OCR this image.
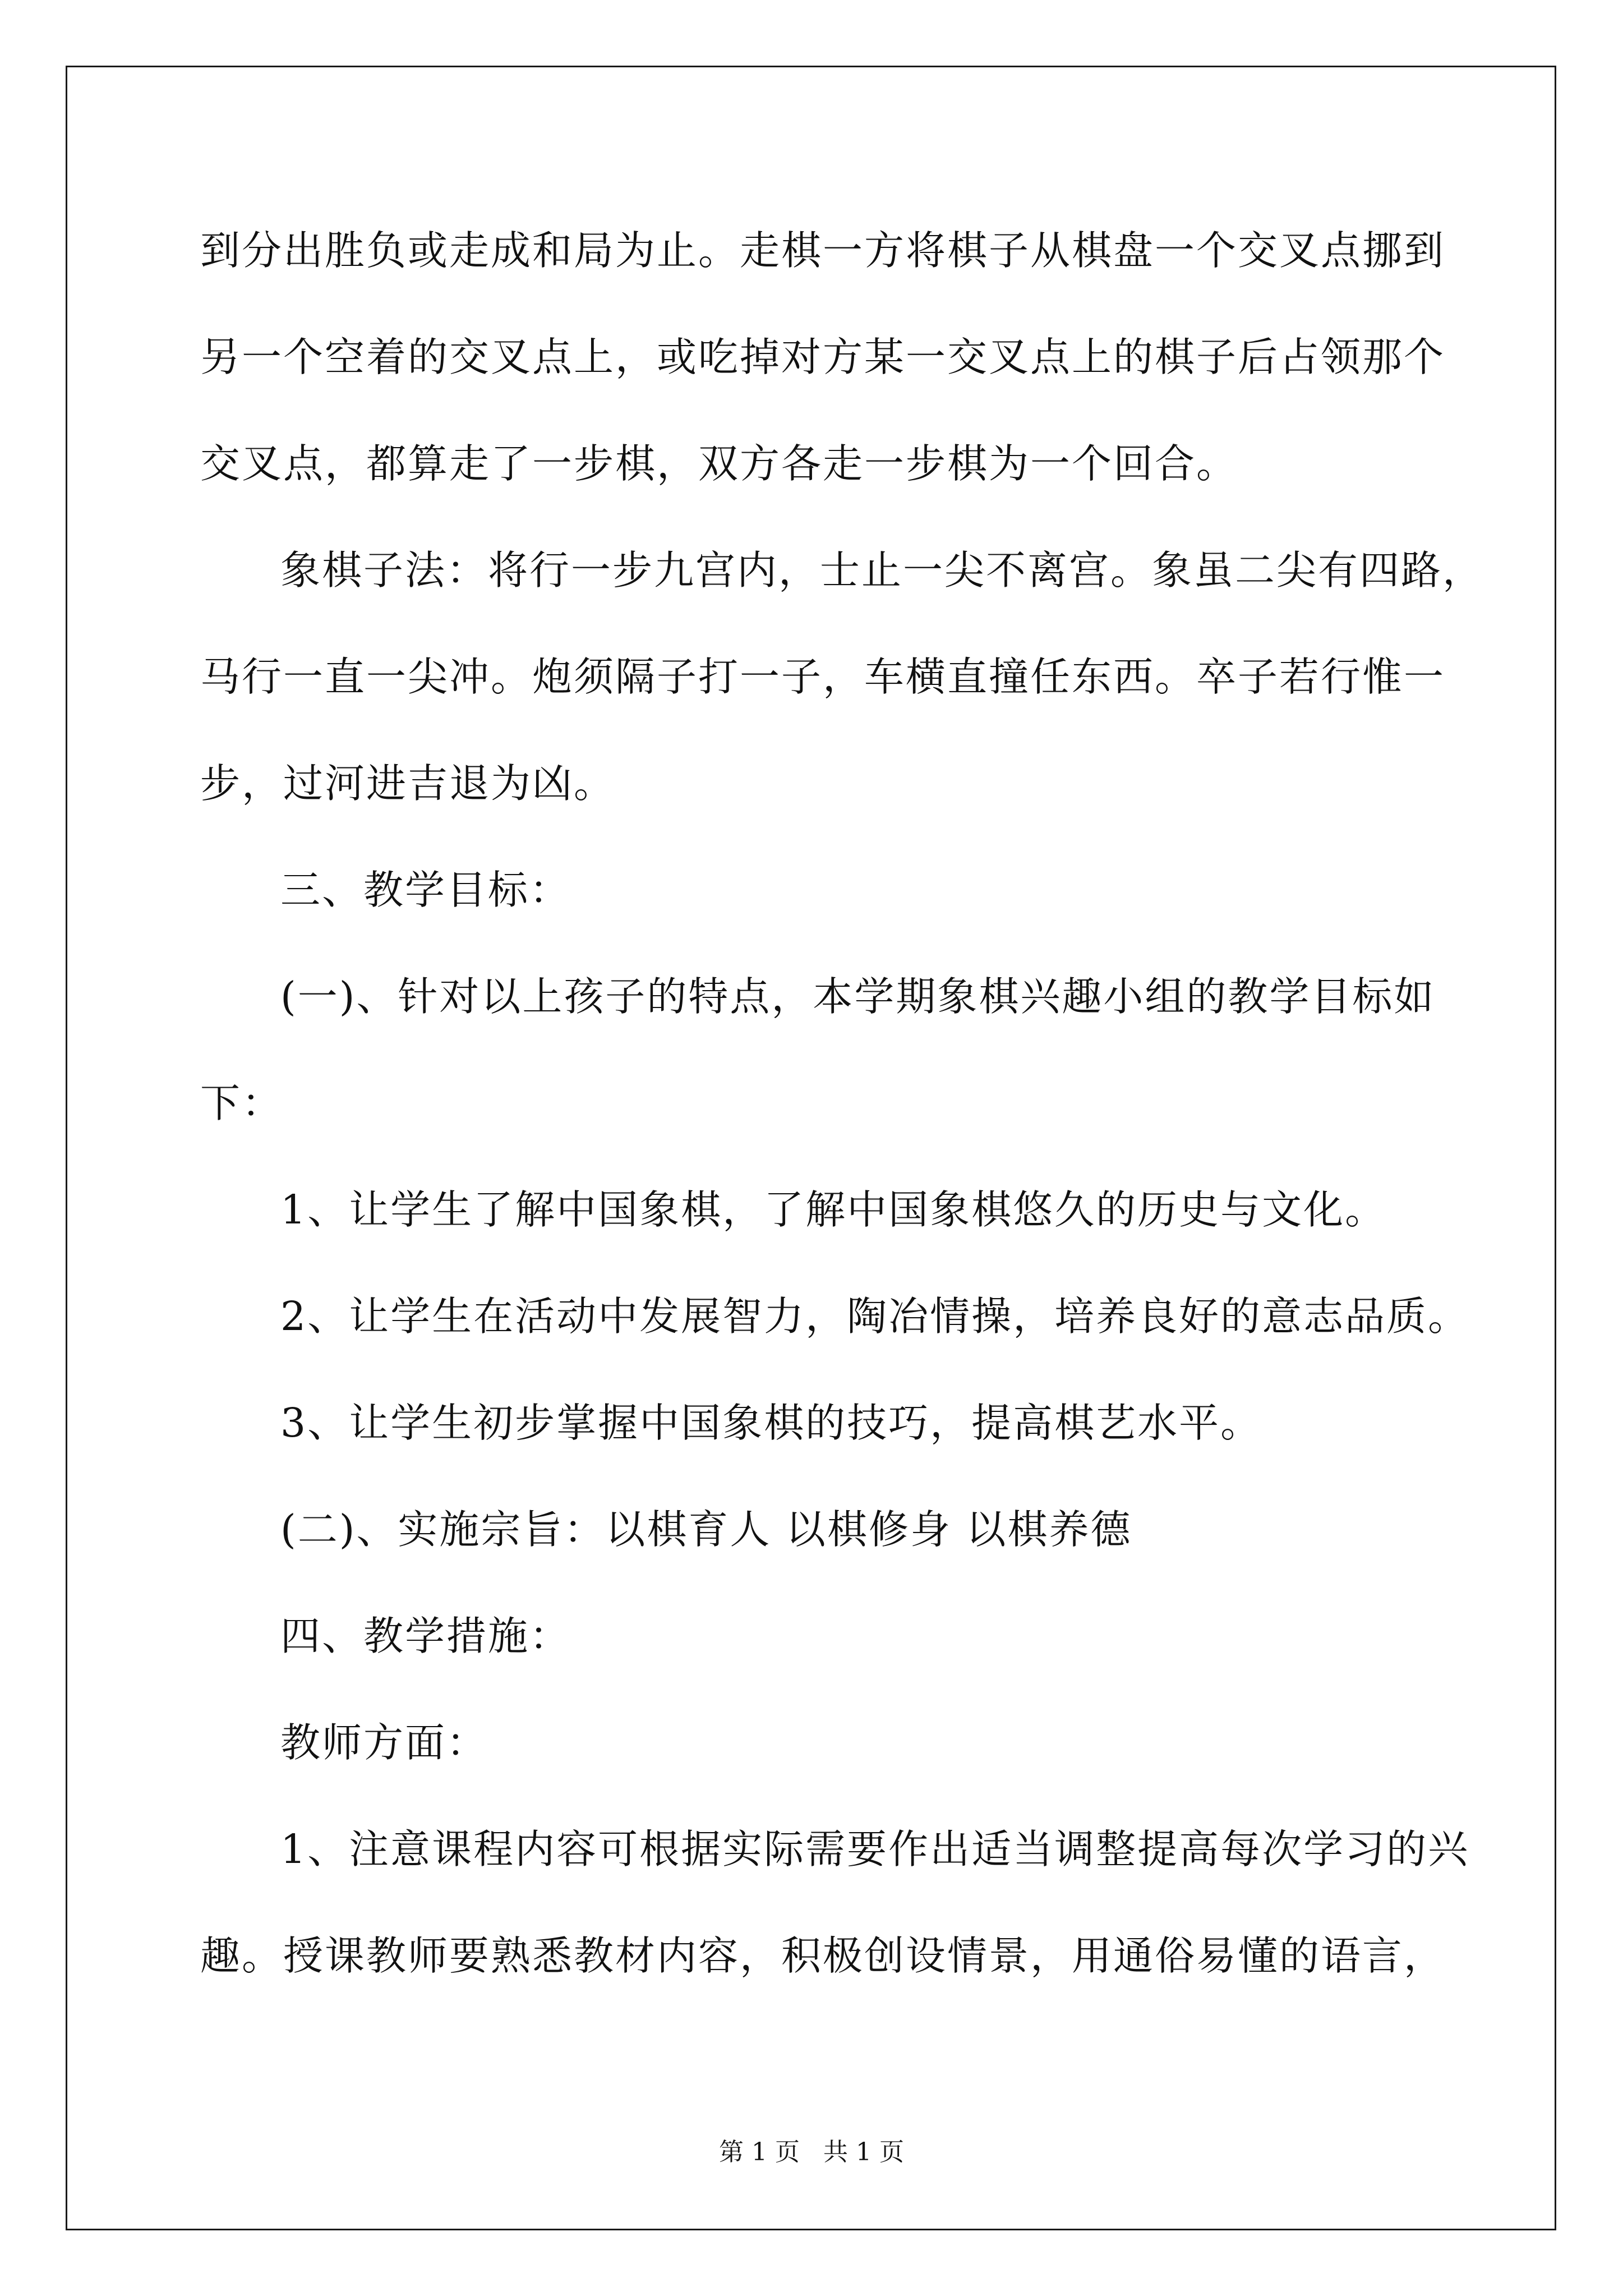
到分出胜负或走成和局为止。走棋一方将棋子从棋盘一个交叉点挪到
另一个空着的交叉点上，或吃掉对方某一交叉点上的棋子后占领那个
交叉点，都算走了一步棋，双方各走一步棋为一个回合。
象棋子法：将行一步九宫内，士止一尖不离宫。象虽二尖有四路，
马行一直一尖冲。炮须隔子打一子，车横直撞任东西。卒子若行惟一
步，过河进吉退为凶。
三、教学目标：
(一)、针对以上孩子的特点，本学期象棋兴趣小组的教学目标如
下：
1、让学生了解中国象棋，了解中国象棋悠久的历史与文化。
2、让学生在活动中发展智力，陶冶情操，培养良好的意志品质。
3、让学生初步掌握中国象棋的技巧，提高棋艺水平。
(二)、实施宗旨：以棋育人 以棋修身 以棋养德
四、教学措施：
教师方面：
1、注意课程内容可根据实际需要作出适当调整提高每次学习的兴
趣。授课教师要熟悉教材内容，积极创设情景，用通俗易懂的语言，
第 1 页   共 1 页
